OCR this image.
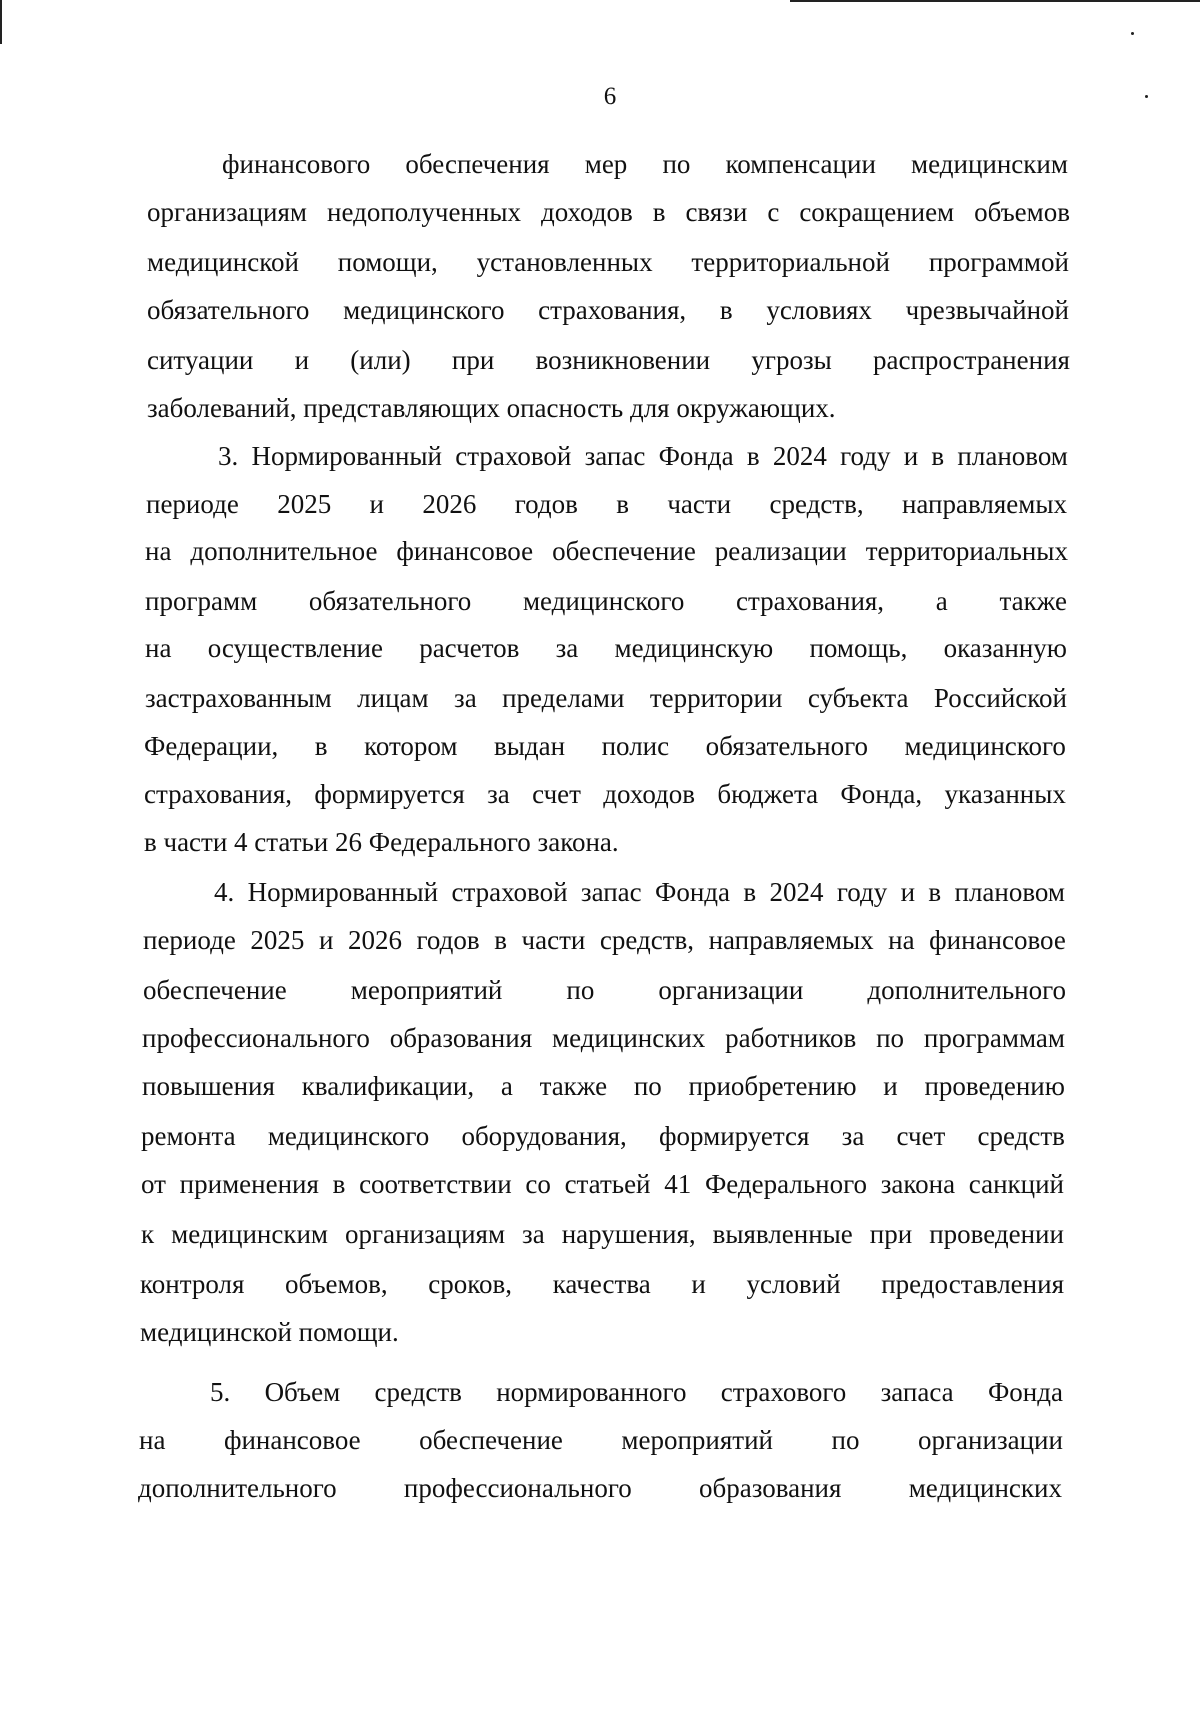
6
финансового обеспечения мер по компенсации медицинским
организациям недополученных доходов в связи с сокращением объемов
медицинской помощи, установленных территориальной программой
обязательного медицинского страхования, в условиях чрезвычайной
ситуации и (или) при возникновении угрозы распространения
заболеваний, представляющих опасность для окружающих.
3. Нормированный страховой запас Фонда в 2024 году и в плановом
периоде 2025 и 2026 годов в части средств, направляемых
на дополнительное финансовое обеспечение реализации территориальных
программ обязательного медицинского страхования, а также
на осуществление расчетов за медицинскую помощь, оказанную
застрахованным лицам за пределами территории субъекта Российской
Федерации, в котором выдан полис обязательного медицинского
страхования, формируется за счет доходов бюджета Фонда, указанных
в части 4 статьи 26 Федерального закона.
4. Нормированный страховой запас Фонда в 2024 году и в плановом
периоде 2025 и 2026 годов в части средств, направляемых на финансовое
обеспечение мероприятий по организации дополнительного
профессионального образования медицинских работников по программам
повышения квалификации, а также по приобретению и проведению
ремонта медицинского оборудования, формируется за счет средств
от применения в соответствии со статьей 41 Федерального закона санкций
к медицинским организациям за нарушения, выявленные при проведении
контроля объемов, сроков, качества и условий предоставления
медицинской помощи.
5. Объем средств нормированного страхового запаса Фонда
на финансовое обеспечение мероприятий по организации
дополнительного профессионального образования медицинских
